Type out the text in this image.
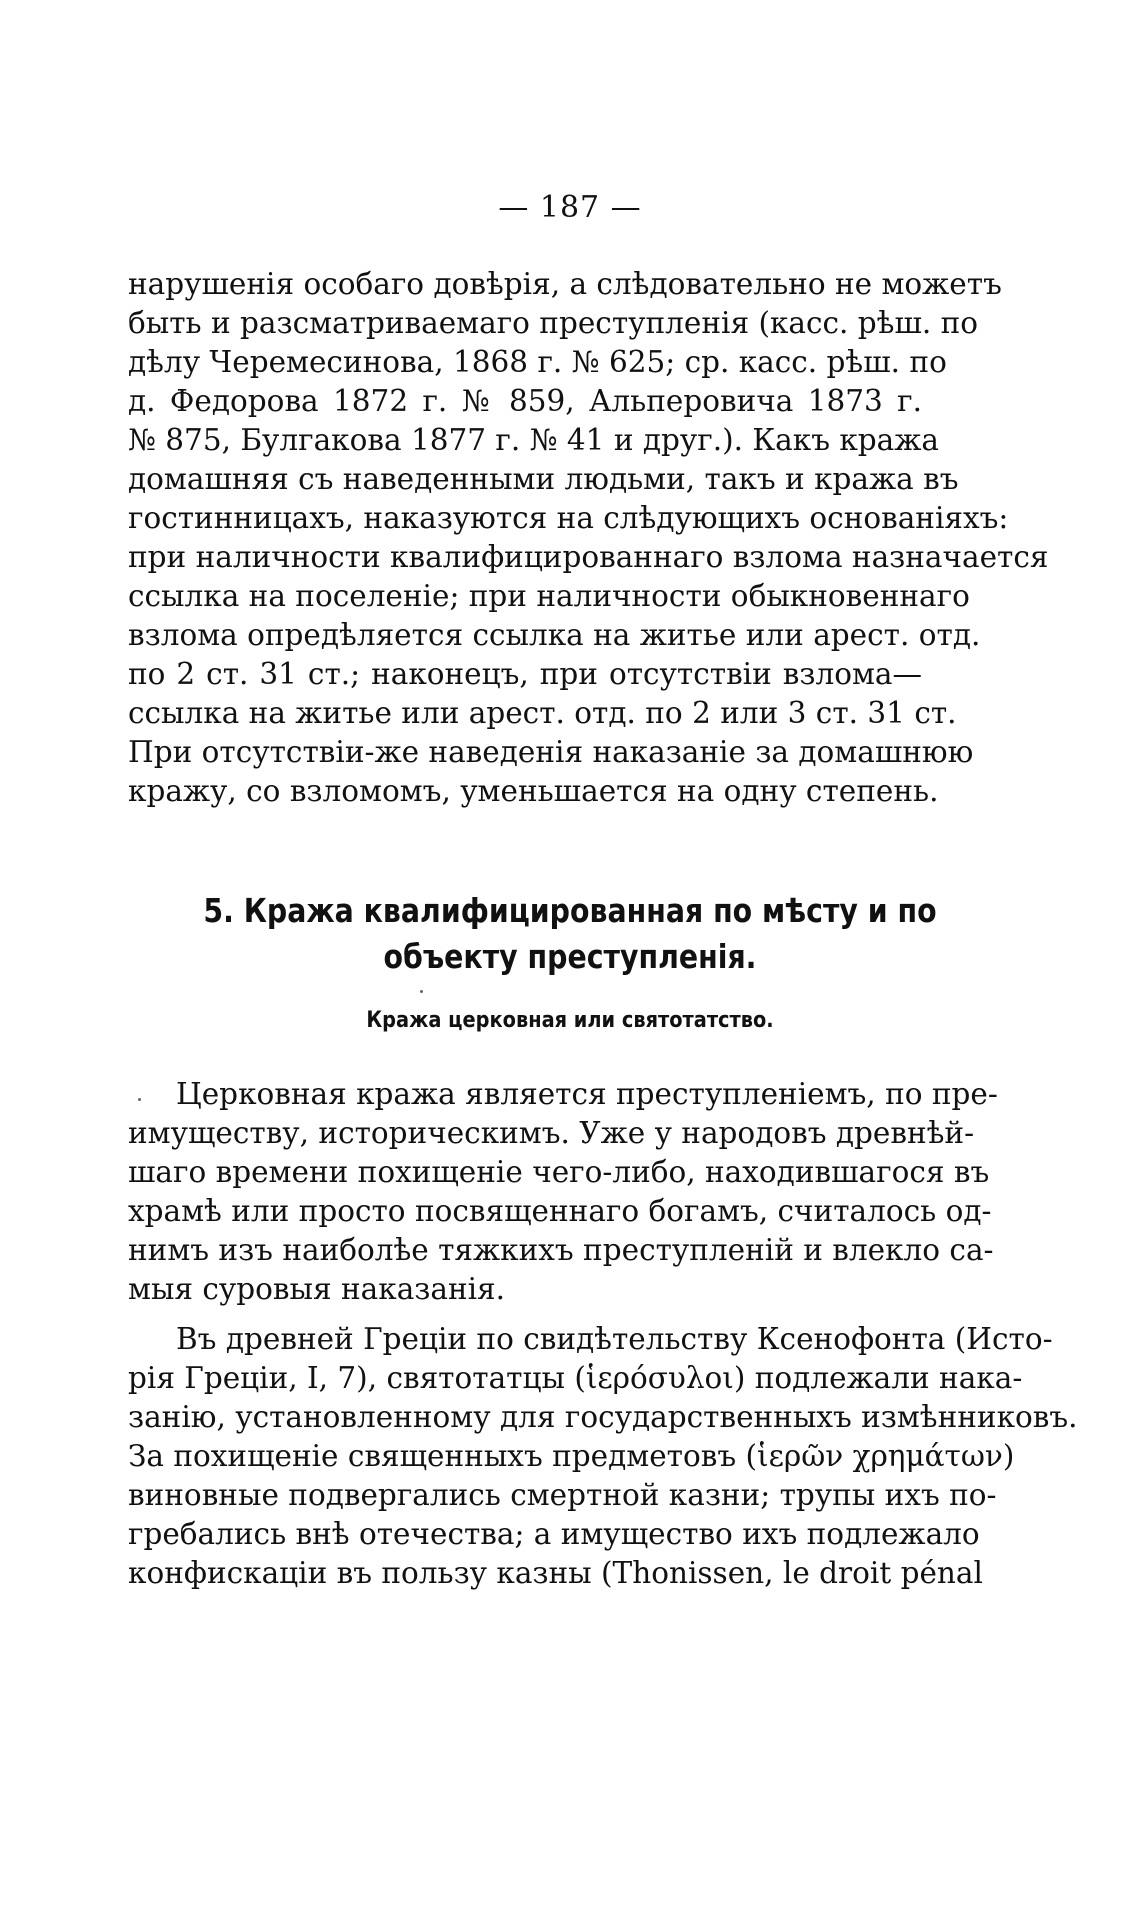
— 187 —
нарушенія особаго довѣрія, а слѣдовательно не можетъ
быть и разсматриваемаго преступленія (касс. рѣш. по
дѣлу Черемесинова, 1868 г. № 625; ср. касс. рѣш. по
д. Федорова 1872 г. № 859, Альперовича 1873 г.
№ 875, Булгакова 1877 г. № 41 и друг.). Какъ кража
домашняя съ наведенными людьми, такъ и кража въ
гостинницахъ, наказуются на слѣдующихъ основаніяхъ:
при наличности квалифицированнаго взлома назначается
ссылка на поселеніе; при наличности обыкновеннаго
взлома опредѣляется ссылка на житье или арест. отд.
по 2 ст. 31 ст.; наконецъ, при отсутствіи взлома—
ссылка на житье или арест. отд. по 2 или 3 ст. 31 ст.
При отсутствіи-же наведенія наказаніе за домашнюю
кражу, со взломомъ, уменьшается на одну степень.
5. Кража квалифицированная по мѣсту и по
объекту преступленія.
Кража церковная или святотатство.
Церковная кража является преступленіемъ, по пре-
имуществу, историческимъ. Уже у народовъ древнѣй-
шаго времени похищеніе чего-либо, находившагося въ
храмѣ или просто посвященнаго богамъ, считалось од-
нимъ изъ наиболѣе тяжкихъ преступленій и влекло са-
мыя суровыя наказанія.
Въ древней Греціи по свидѣтельству Ксенофонта (Исто-
рія Греціи, I, 7), святотатцы (ἱερόσυλοι) подлежали нака-
занію, установленному для государственныхъ измѣнниковъ.
За похищеніе священныхъ предметовъ (ἱερῶν χρημάτων)
виновные подвергались смертной казни; трупы ихъ по-
гребались внѣ отечества; а имущество ихъ подлежало
конфискаціи въ пользу казны (Thonissen, le droit pénal
